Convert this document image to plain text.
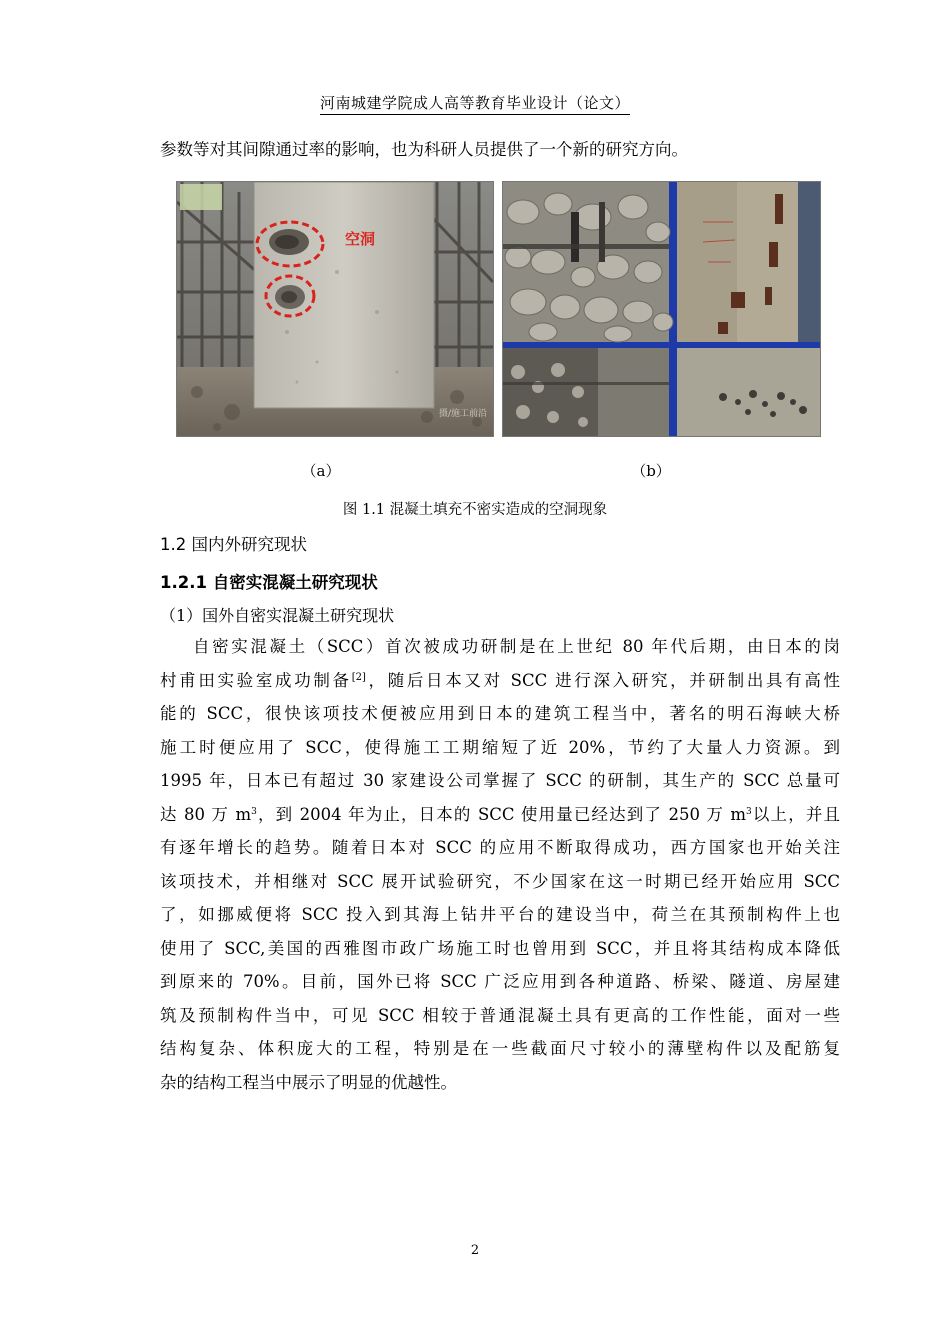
河南城建学院成人高等教育毕业设计（论文）
参数等对其间隙通过率的影响，也为科研人员提供了一个新的研究方向。
空洞
摄/施工前沿
（a）	（b）
图 1.1 混凝土填充不密实造成的空洞现象
1.2 国内外研究现状
1.2.1 自密实混凝土研究现状
（1）国外自密实混凝土研究现状
自密实混凝土（SCC）首次被成功研制是在上世纪 80 年代后期，由日本的岗
村甫田实验室成功制备[2]，随后日本又对 SCC 进行深入研究，并研制出具有高性
能的 SCC，很快该项技术便被应用到日本的建筑工程当中，著名的明石海峡大桥
施工时便应用了 SCC，使得施工工期缩短了近 20%，节约了大量人力资源。到
1995 年，日本已有超过 30 家建设公司掌握了 SCC 的研制，其生产的 SCC 总量可
达 80 万 $m^3$，到 2004 年为止，日本的 SCC 使用量已经达到了 250 万 $m^3$以上，并且
有逐年增长的趋势。随着日本对 SCC 的应用不断取得成功，西方国家也开始关注
该项技术，并相继对 SCC 展开试验研究，不少国家在这一时期已经开始应用 SCC
了，如挪威便将 SCC 投入到其海上钻井平台的建设当中，荷兰在其预制构件上也
使用了 SCC,美国的西雅图市政广场施工时也曾用到 SCC，并且将其结构成本降低
到原来的 70%。目前，国外已将 SCC 广泛应用到各种道路、桥梁、隧道、房屋建
筑及预制构件当中，可见 SCC 相较于普通混凝土具有更高的工作性能，面对一些
结构复杂、体积庞大的工程，特别是在一些截面尺寸较小的薄壁构件以及配筋复
杂的结构工程当中展示了明显的优越性。
2
